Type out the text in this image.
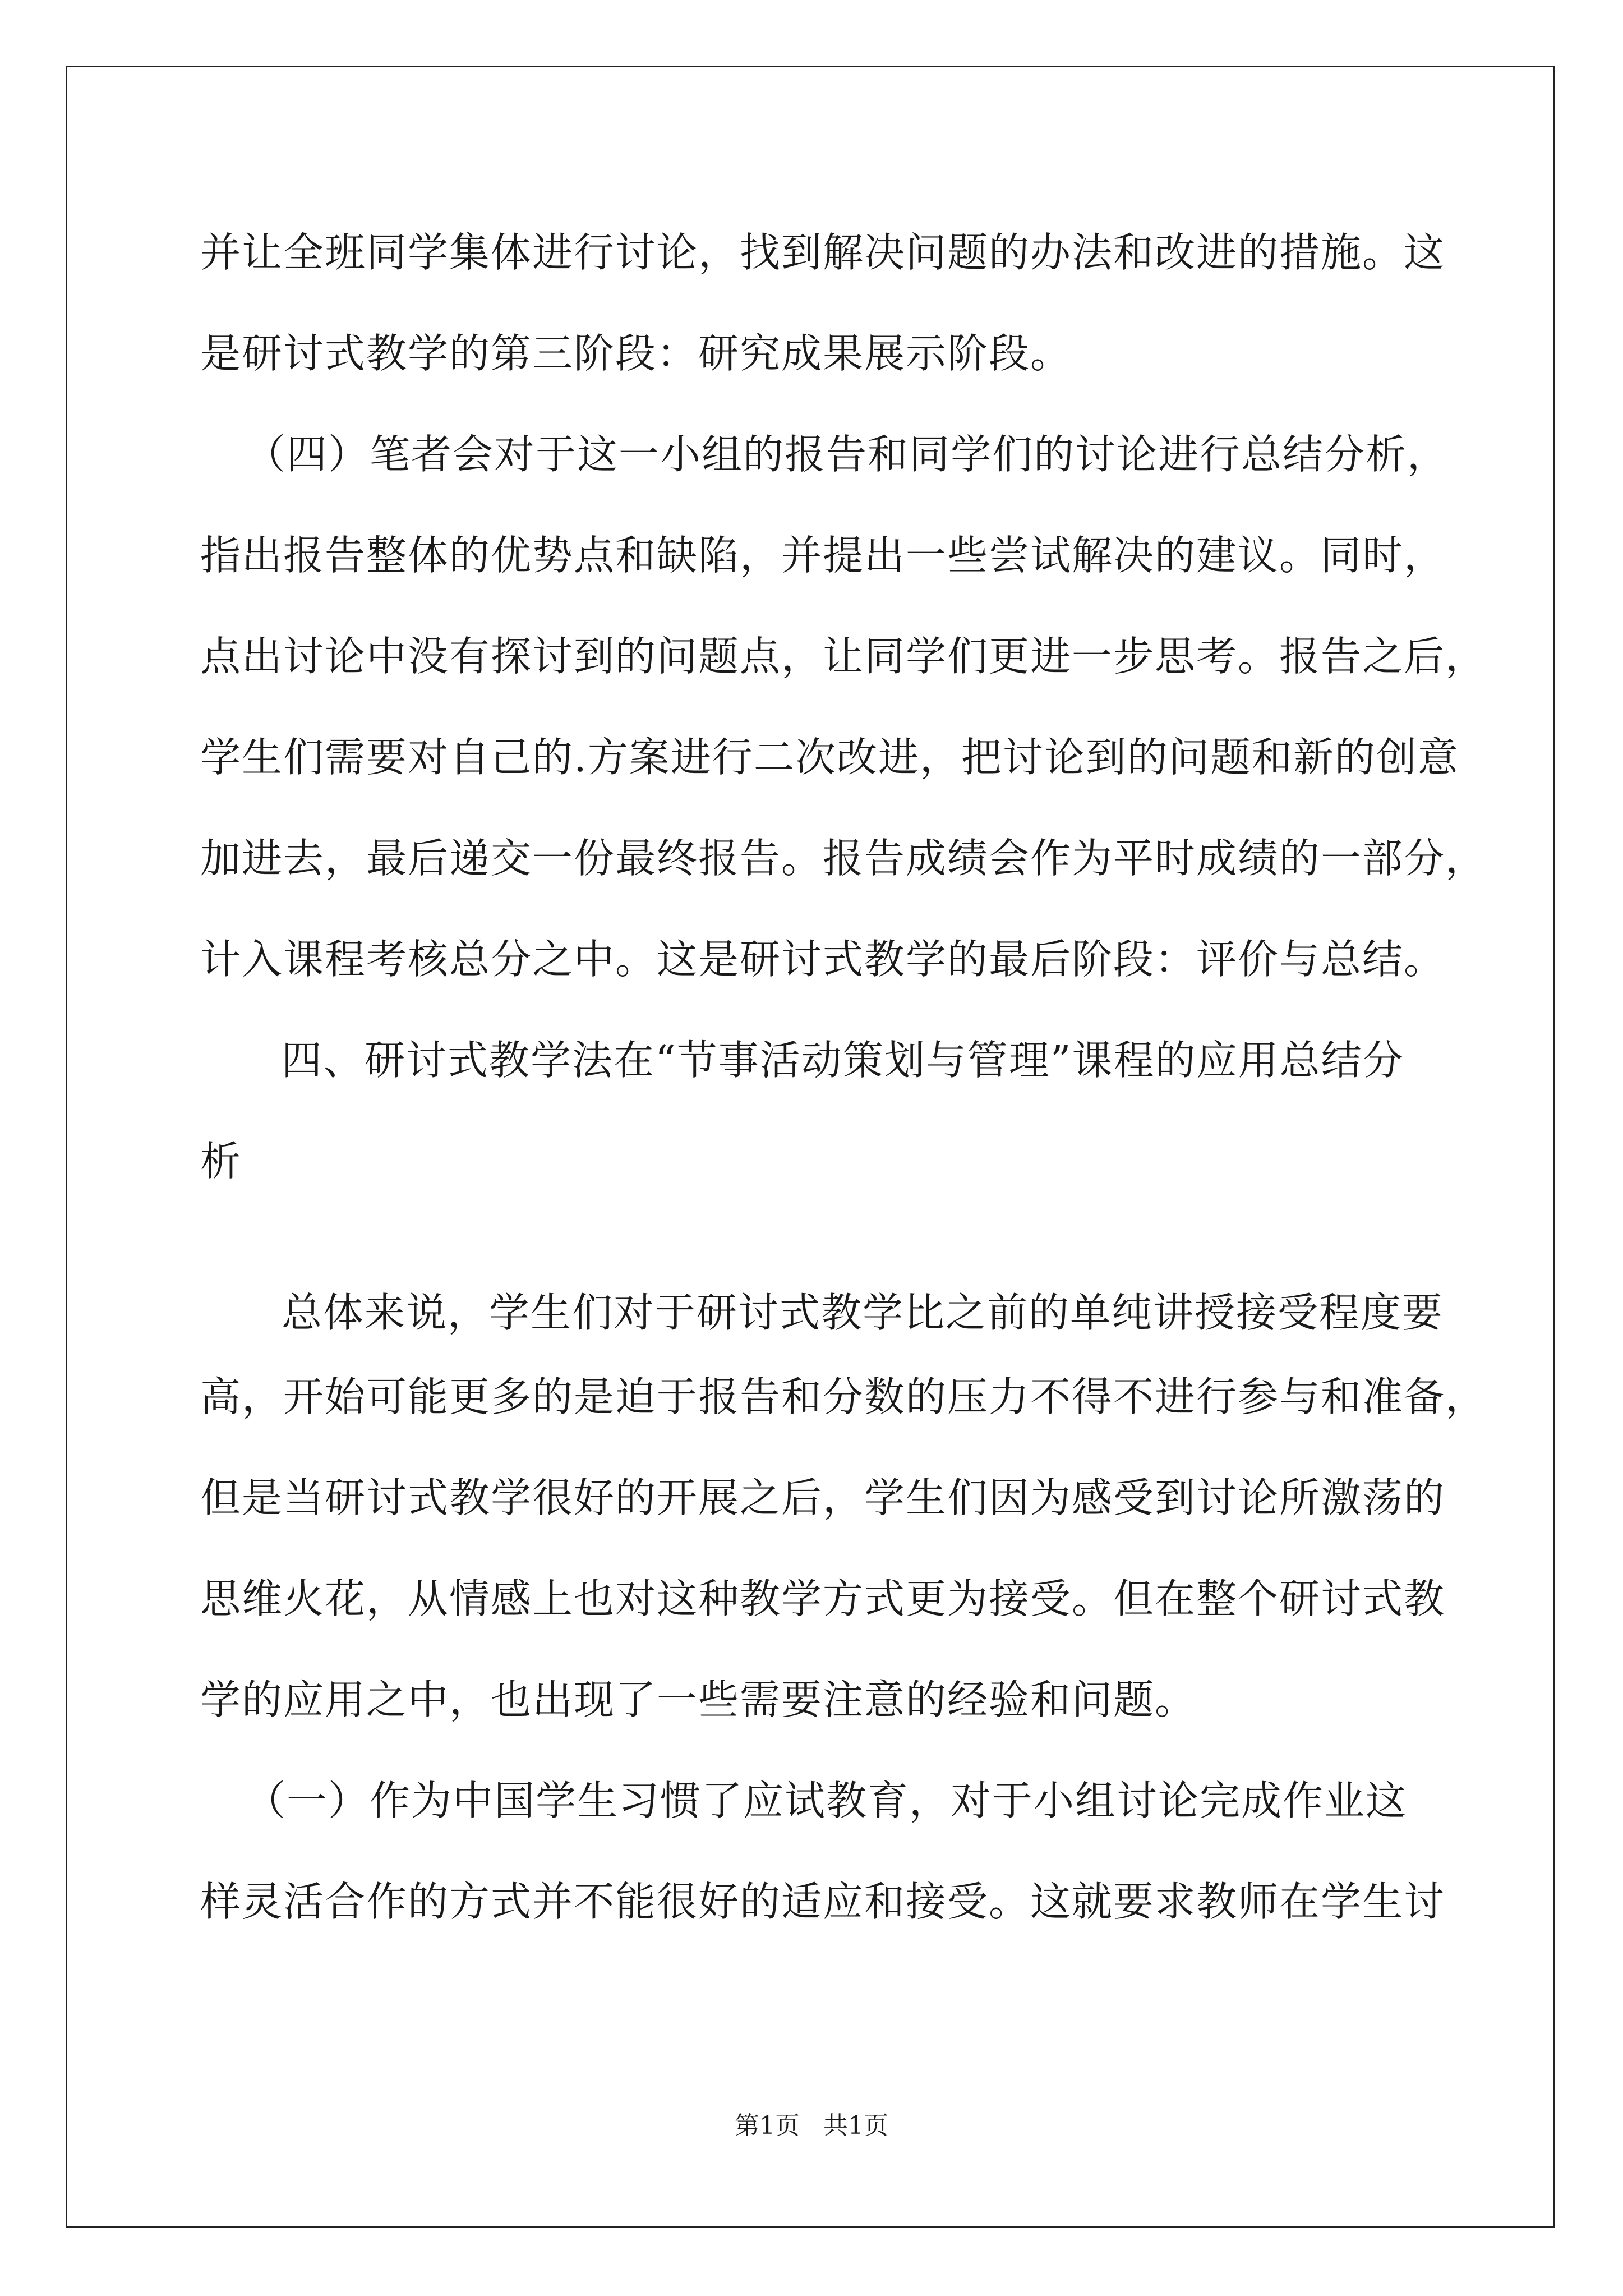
并让全班同学集体进行讨论，找到解决问题的办法和改进的措施。这
是研讨式教学的第三阶段：研究成果展示阶段。
（四）笔者会对于这一小组的报告和同学们的讨论进行总结分析，
指出报告整体的优势点和缺陷，并提出一些尝试解决的建议。同时，
点出讨论中没有探讨到的问题点，让同学们更进一步思考。报告之后，
学生们需要对自己的.方案进行二次改进，把讨论到的问题和新的创意
加进去，最后递交一份最终报告。报告成绩会作为平时成绩的一部分，
计入课程考核总分之中。这是研讨式教学的最后阶段：评价与总结。
四、研讨式教学法在“节事活动策划与管理”课程的应用总结分
析
总体来说，学生们对于研讨式教学比之前的单纯讲授接受程度要
高，开始可能更多的是迫于报告和分数的压力不得不进行参与和准备，
但是当研讨式教学很好的开展之后，学生们因为感受到讨论所激荡的
思维火花，从情感上也对这种教学方式更为接受。但在整个研讨式教
学的应用之中，也出现了一些需要注意的经验和问题。
（一）作为中国学生习惯了应试教育，对于小组讨论完成作业这
样灵活合作的方式并不能很好的适应和接受。这就要求教师在学生讨
第1页   共1页
